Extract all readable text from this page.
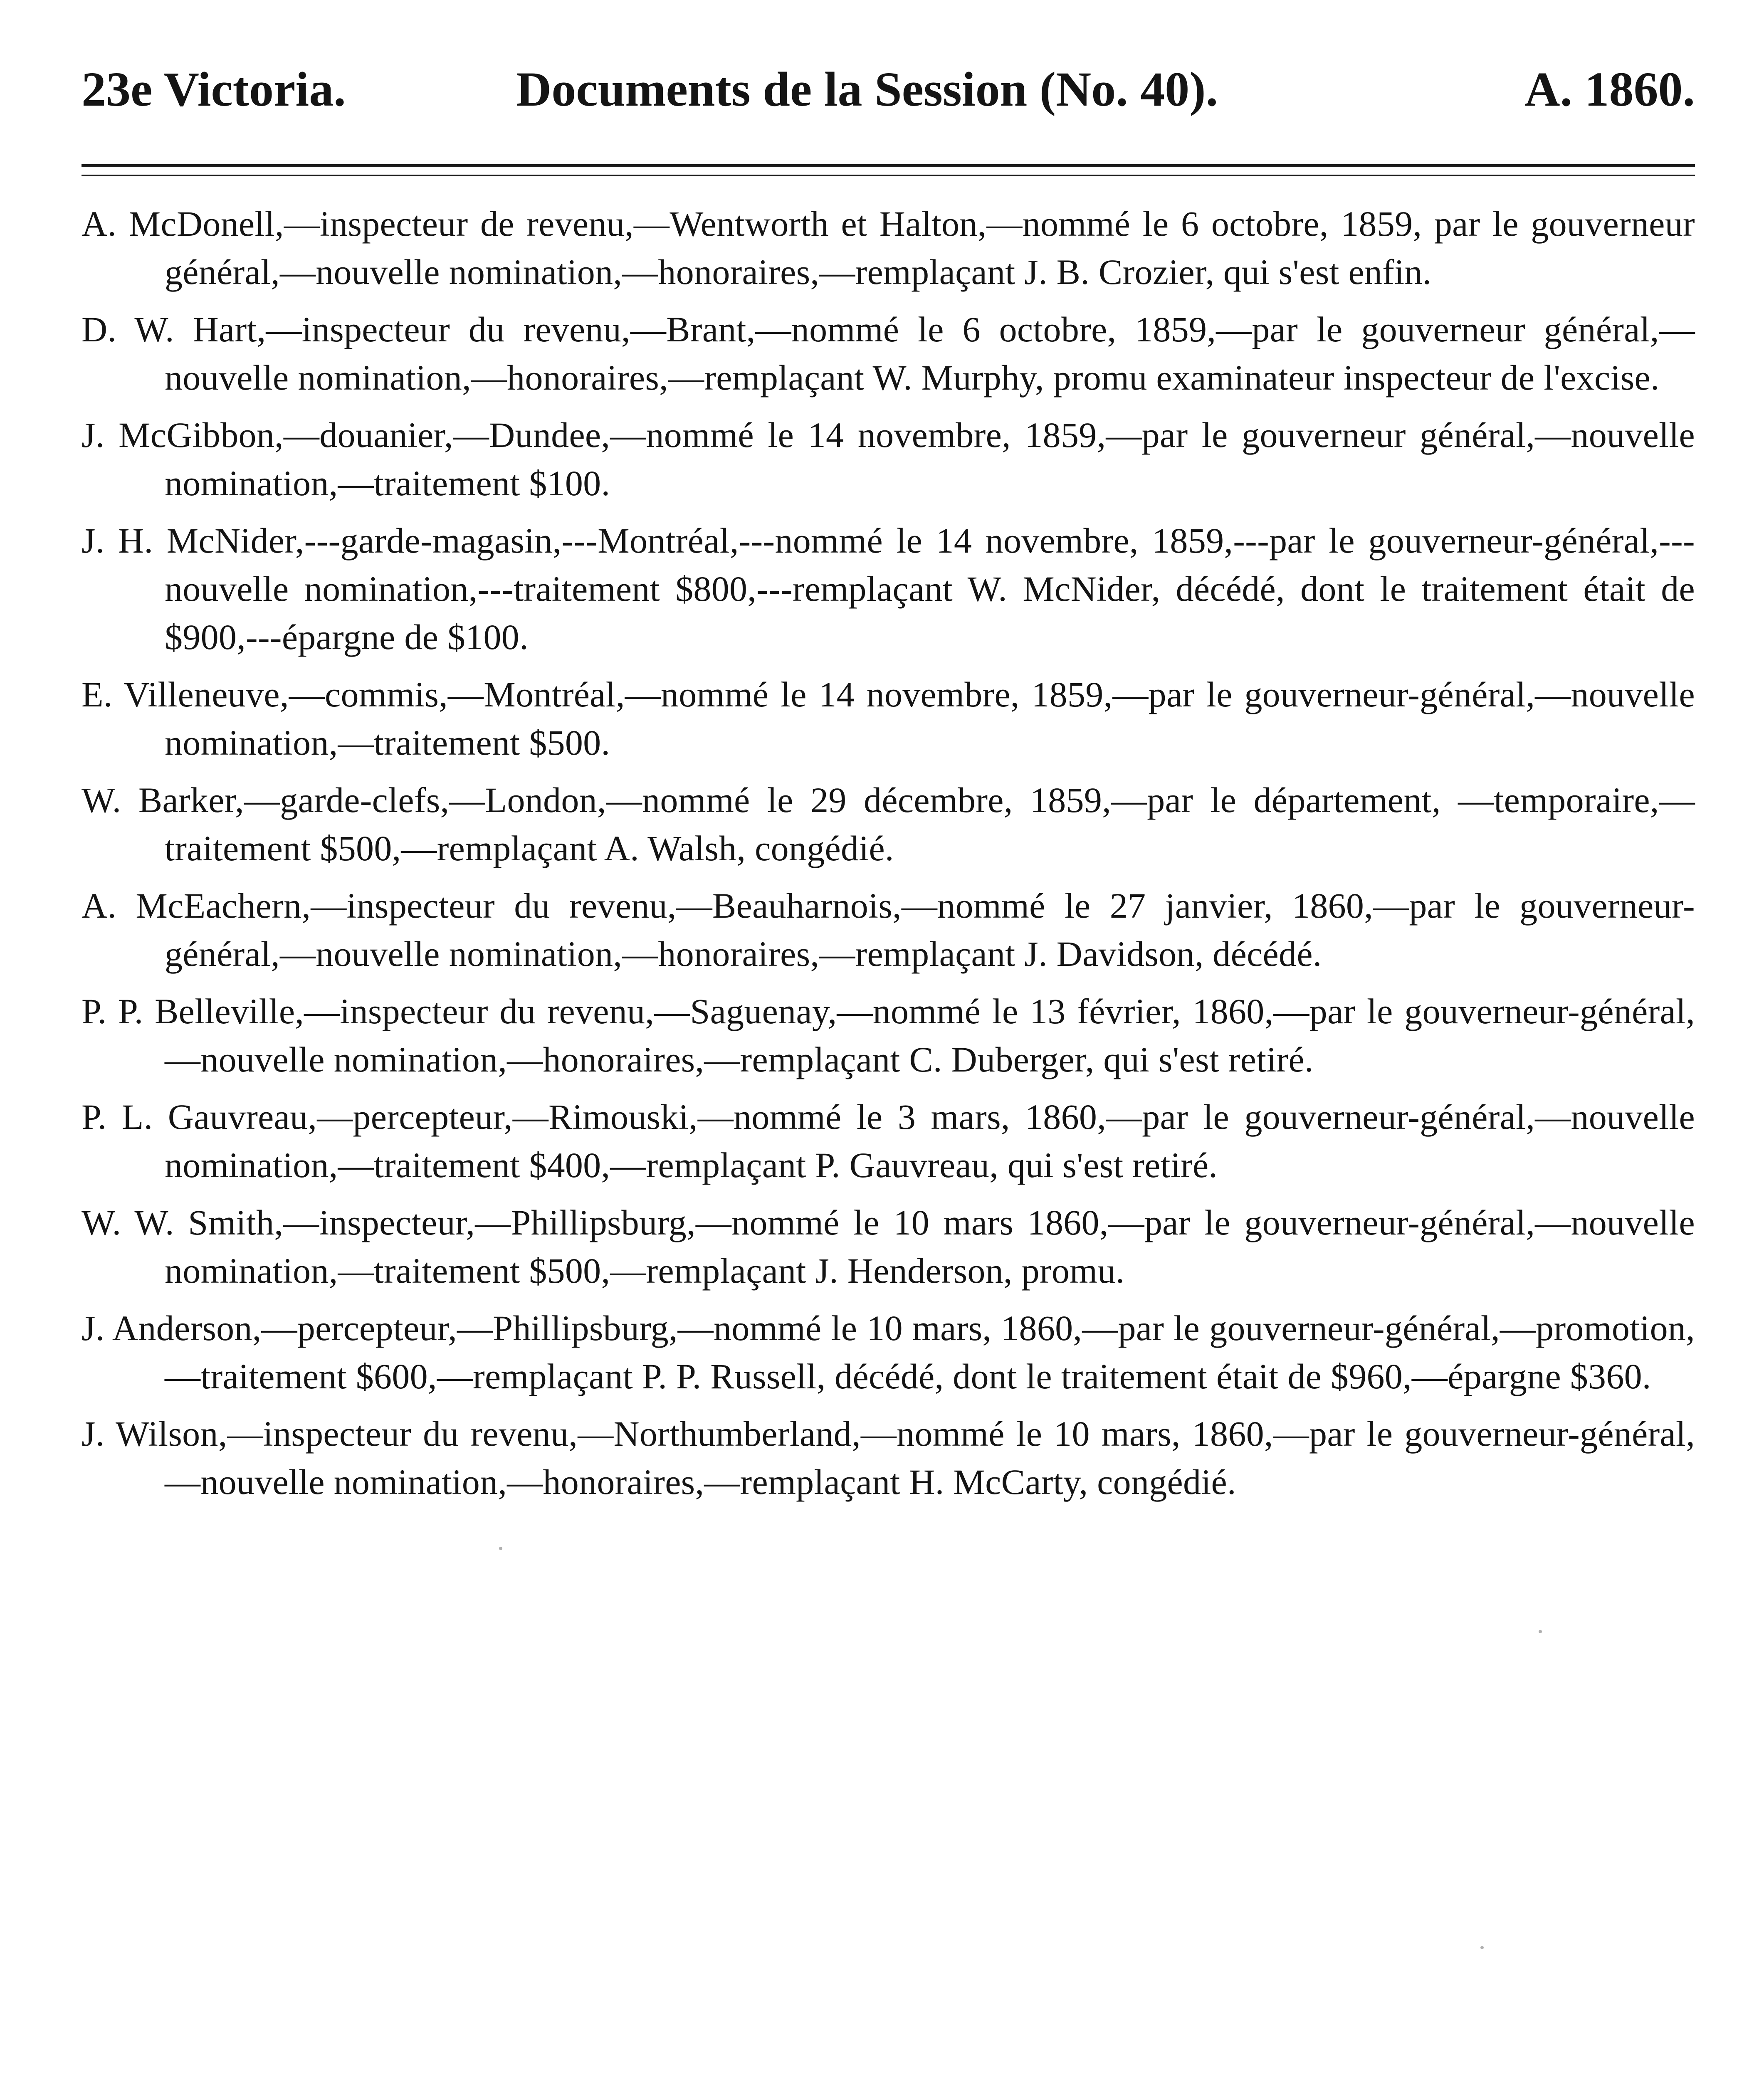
23e Victoria.	Documents de la Session (No. 40).	A. 1860.

A. McDonell,—inspecteur de revenu,—Wentworth et Halton,—nommé le 6 octobre, 1859, par le gouverneur général,—nouvelle nomination,—honoraires,—remplaçant J. B. Crozier, qui s'est enfin.

D. W. Hart,—inspecteur du revenu,—Brant,—nommé le 6 octobre, 1859,—par le gouverneur général,—nouvelle nomination,—honoraires,—remplaçant W. Murphy, promu examinateur inspecteur de l'excise.

J. McGibbon,—douanier,—Dundee,—nommé le 14 novembre, 1859,—par le gouverneur général,—nouvelle nomination,—traitement $100.

J. H. McNider,---garde-magasin,---Montréal,---nommé le 14 novembre, 1859,---par le gouverneur-général,---nouvelle nomination,---traitement $800,---remplaçant W. McNider, décédé, dont le traitement était de $900,---épargne de $100.

E. Villeneuve,—commis,—Montréal,—nommé le 14 novembre, 1859,—par le gouverneur-général,—nouvelle nomination,—traitement $500.

W. Barker,—garde-clefs,—London,—nommé le 29 décembre, 1859,—par le département, —temporaire,—traitement $500,—remplaçant A. Walsh, congédié.

A. McEachern,—inspecteur du revenu,—Beauharnois,—nommé le 27 janvier, 1860,—par le gouverneur-général,—nouvelle nomination,—honoraires,—remplaçant J. Davidson, décédé.

P. P. Belleville,—inspecteur du revenu,—Saguenay,—nommé le 13 février, 1860,—par le gouverneur-général,—nouvelle nomination,—honoraires,—remplaçant C. Duberger, qui s'est retiré.

P. L. Gauvreau,—percepteur,—Rimouski,—nommé le 3 mars, 1860,—par le gouverneur-général,—nouvelle nomination,—traitement $400,—remplaçant P. Gauvreau, qui s'est retiré.

W. W. Smith,—inspecteur,—Phillipsburg,—nommé le 10 mars 1860,—par le gouverneur-général,—nouvelle nomination,—traitement $500,—remplaçant J. Henderson, promu.

J. Anderson,—percepteur,—Phillipsburg,—nommé le 10 mars, 1860,—par le gouverneur-général,—promotion,—traitement $600,—remplaçant P. P. Russell, décédé, dont le traitement était de $960,—épargne $360.

J. Wilson,—inspecteur du revenu,—Northumberland,—nommé le 10 mars, 1860,—par le gouverneur-général,—nouvelle nomination,—honoraires,—remplaçant H. McCarty, congédié.
